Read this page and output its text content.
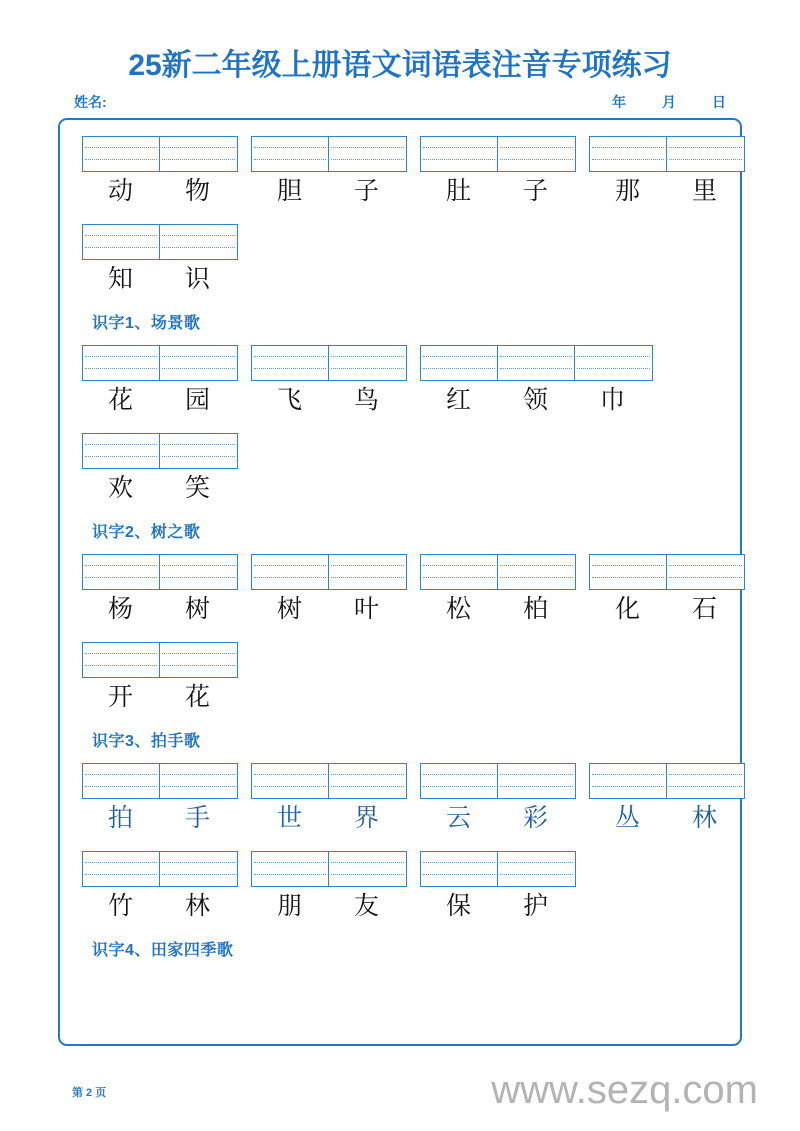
25新二年级上册语文词语表注音专项练习
姓名:	年	月	日
动	物	胆	子	肚	子	那	里
知	识
识字1、场景歌
花	园	飞	鸟	红	领	巾
欢	笑
识字2、树之歌
杨	树	树	叶	松	柏	化	石
开	花
识字3、拍手歌
拍	手	世	界	云	彩	丛	林
竹	林	朋	友	保	护
识字4、田家四季歌
第 2 页	www.sezq.com
